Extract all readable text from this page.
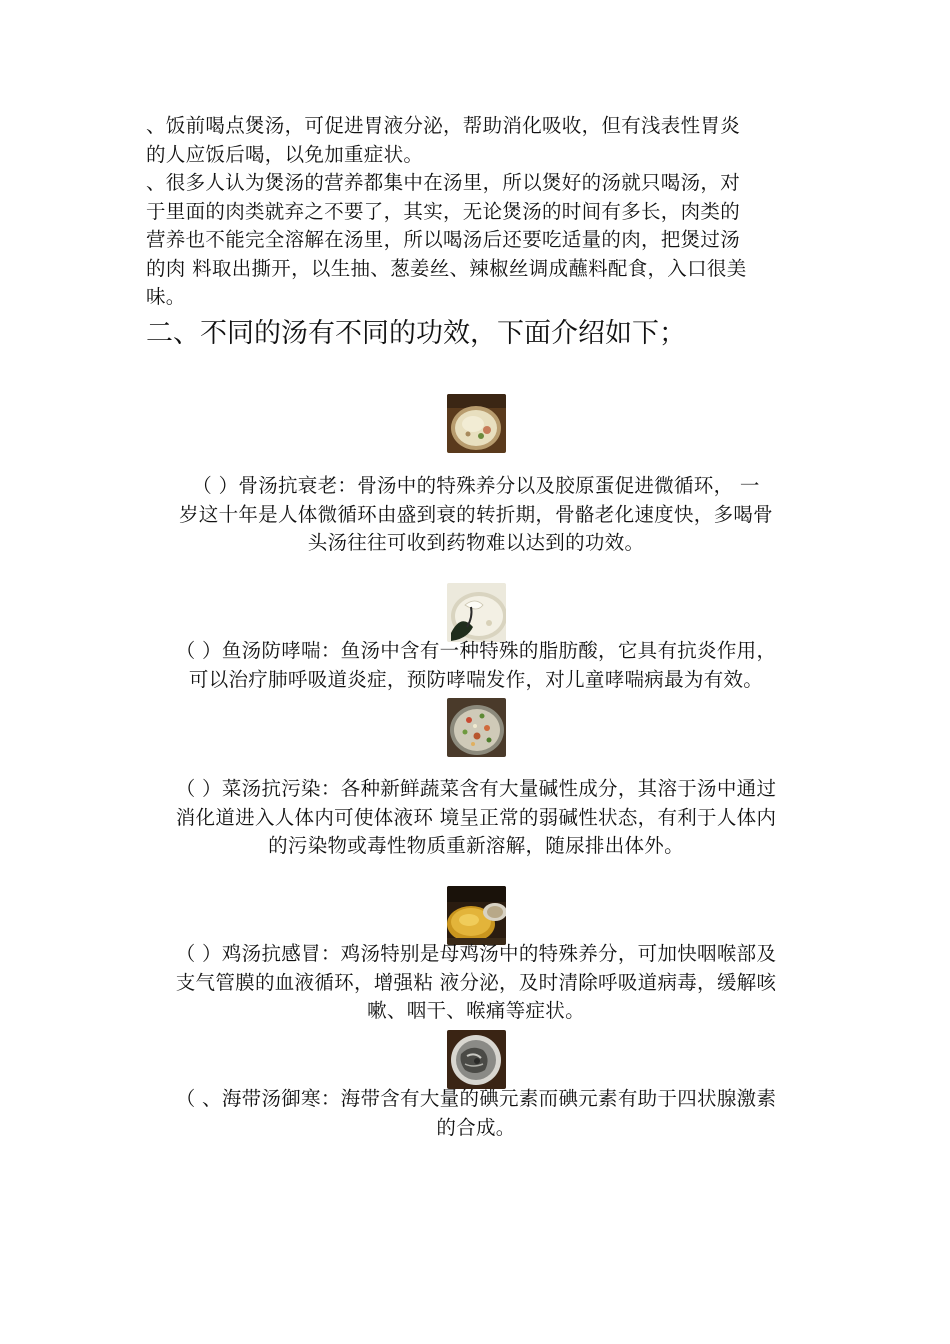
、饭前喝点煲汤，可促进胃液分泌，帮助消化吸收，但有浅表性胃炎
的人应饭后喝，以免加重症状。
、很多人认为煲汤的营养都集中在汤里，所以煲好的汤就只喝汤，对
于里面的肉类就弃之不要了，其实，无论煲汤的时间有多长，肉类的
营养也不能完全溶解在汤里，所以喝汤后还要吃适量的肉，把煲过汤
的肉 料取出撕开，以生抽、葱姜丝、辣椒丝调成蘸料配食，入口很美
味。
二、不同的汤有不同的功效，下面介绍如下；
（ ）骨汤抗衰老：骨汤中的特殊养分以及胶原蛋促进微循环， 一
岁这十年是人体微循环由盛到衰的转折期，骨骼老化速度快，多喝骨
头汤往往可收到药物难以达到的功效。
（ ）鱼汤防哮喘：鱼汤中含有一种特殊的脂肪酸，它具有抗炎作用，
可以治疗肺呼吸道炎症，预防哮喘发作，对儿童哮喘病最为有效。
（ ）菜汤抗污染：各种新鲜蔬菜含有大量碱性成分，其溶于汤中通过
消化道进入人体内可使体液环 境呈正常的弱碱性状态，有利于人体内
的污染物或毒性物质重新溶解，随尿排出体外。
（ ）鸡汤抗感冒：鸡汤特别是母鸡汤中的特殊养分，可加快咽喉部及
支气管膜的血液循环，增强粘 液分泌，及时清除呼吸道病毒，缓解咳
嗽、咽干、喉痛等症状。
（ 、海带汤御寒：海带含有大量的碘元素而碘元素有助于四状腺激素
的合成。
